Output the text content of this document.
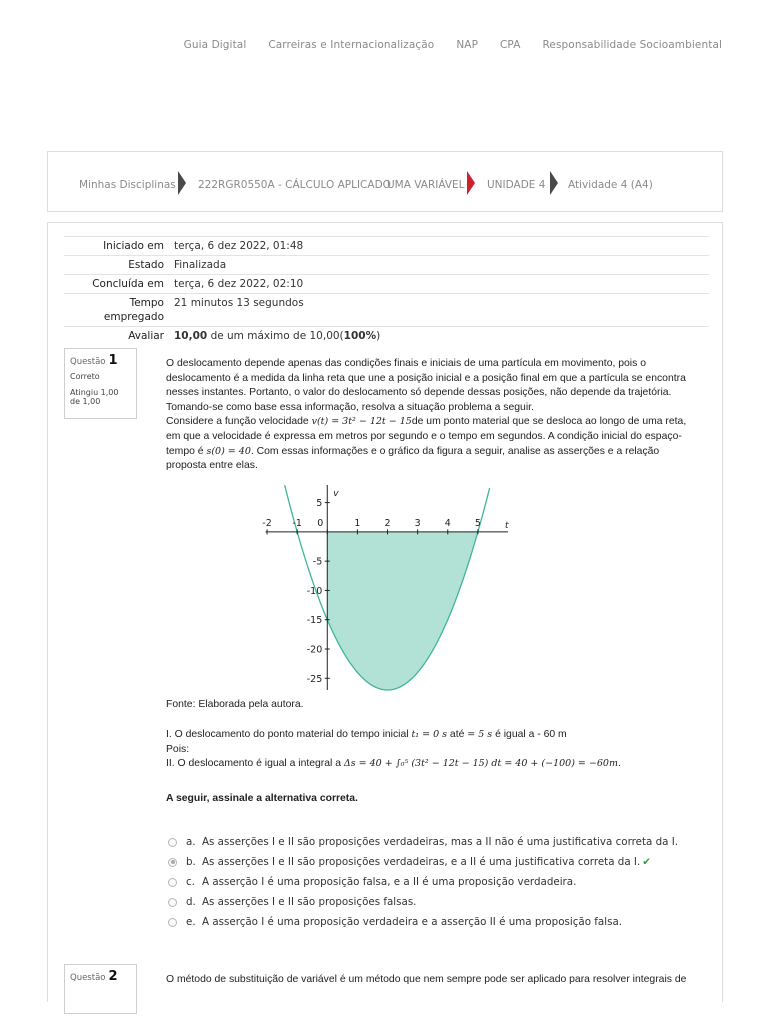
Guia Digital Carreiras e Internacionalização NAP CPA Responsabilidade Socioambiental
Minhas Disciplinas 222RGR0550A - CÁLCULO APLICADO
UMA VARIÁVEL UNIDADE 4 Atividade 4 (A4)
Iniciado em terça, 6 dez 2022, 01:48
Estado Finalizada
Concluída em terça, 6 dez 2022, 02:10
Tempo
empregado
21 minutos 13 segundos
Avaliar 10,00 de um máximo de 10,00(100%)
Questão 1
Correto
Atingiu 1,00 de 1,00

O deslocamento depende apenas das condições finais e iniciais de uma partícula em movimento, pois o deslocamento é a medida da linha reta que une a posição inicial e a posição final em que a partícula se encontra nesses instantes. Portanto, o valor do deslocamento só depende dessas posições, não depende da trajetória. Tomando-se como base essa informação, resolva a situação problema a seguir.

Considere a função velocidade v(t) = 3t² − 12t − 15de um ponto material que se desloca ao longo de uma reta, em que a velocidade é expressa em metros por segundo e o tempo em segundos. A condição inicial do espaço-tempo é s(0) = 40. Com essas informações e o gráfico da figura a seguir, analise as asserções e a relação proposta entre elas.

-2 -1 0	1	2	3	4	5
5
-5
-10
-15
-20
-25
t
v
Fonte: Elaborada pela autora.

I. O deslocamento do ponto material do tempo inicial t₁ = 0 s até = 5 s é igual a - 60 m

Pois:

II. O deslocamento é igual a integral a Δs = 40 + ∫₀⁵ (3t² − 12t − 15) dt = 40 + (−100) = −60m.

A seguir, assinale a alternativa correta.
a. As asserções I e II são proposições verdadeiras, mas a II não é uma justificativa correta da I.
b. As asserções I e II são proposições verdadeiras, e a II é uma justificativa correta da I. ✔
c. A asserção I é uma proposição falsa, e a II é uma proposição verdadeira.
d. As asserções I e II são proposições falsas.
e. A asserção I é uma proposição verdadeira e a asserção II é uma proposição falsa.
Questão 2	O método de substituição de variável é um método que nem sempre pode ser aplicado para resolver integrais de
